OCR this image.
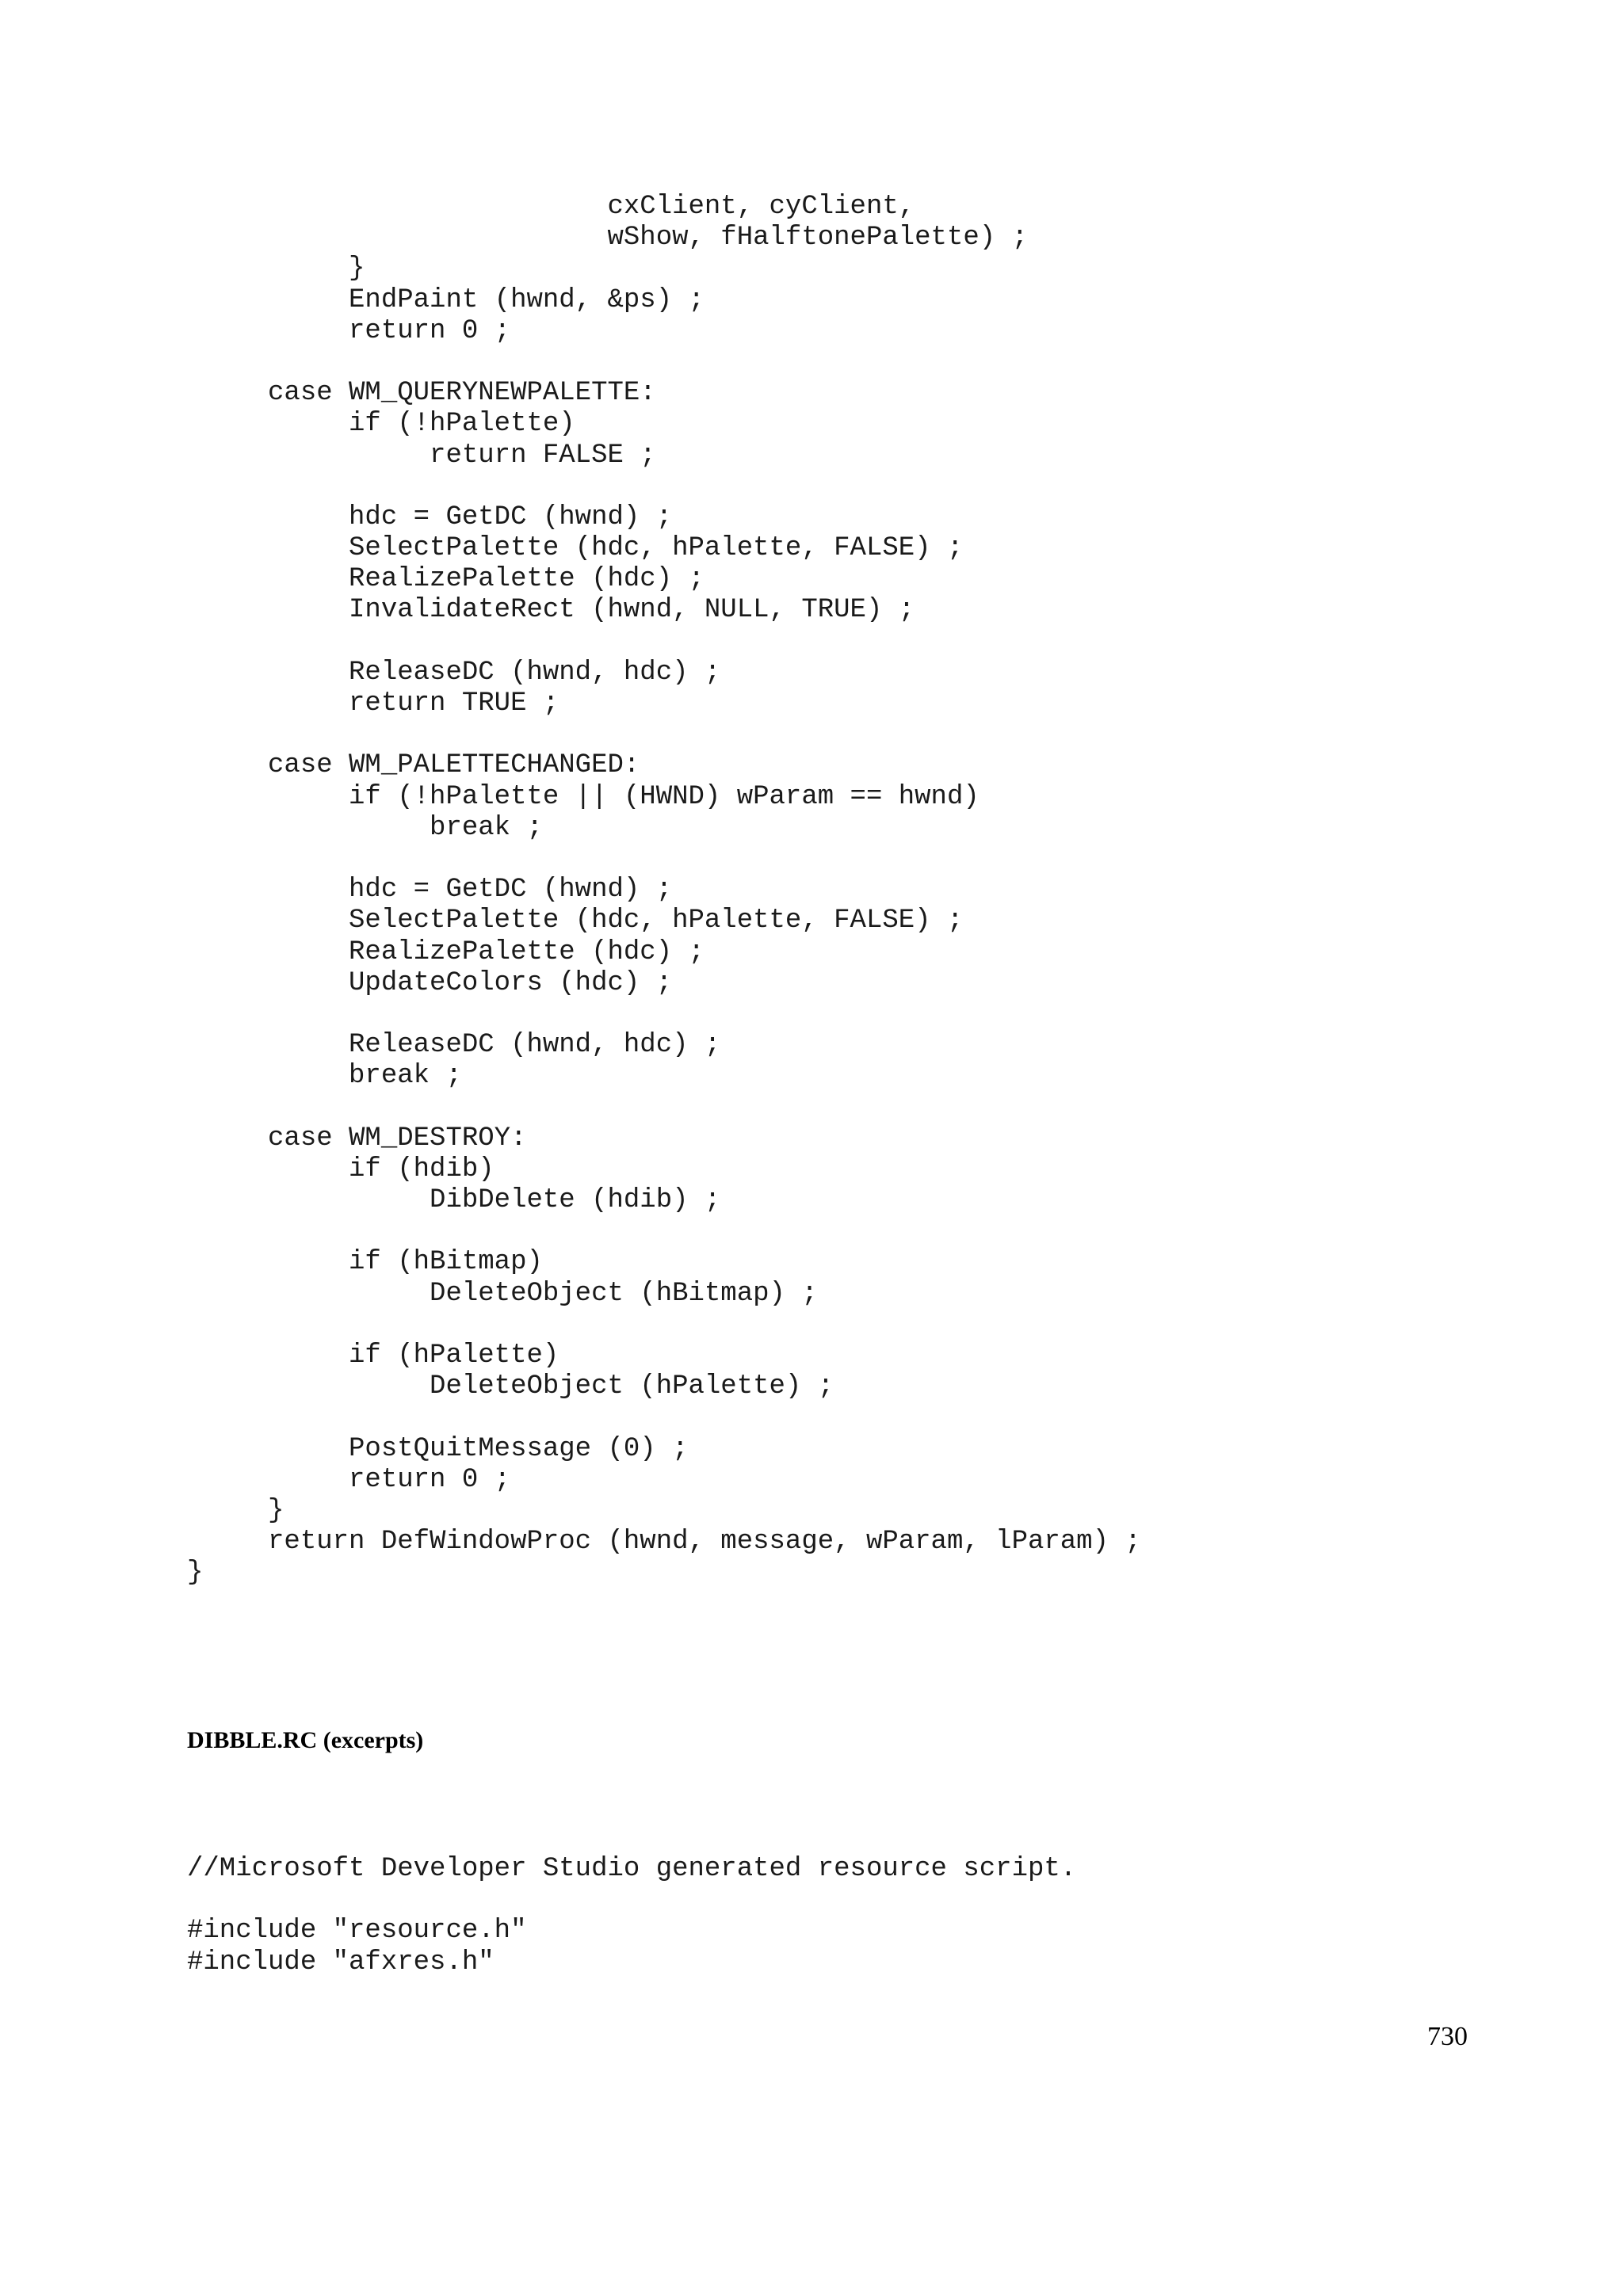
cxClient, cyClient,
wShow, fHalftonePalette) ;
}
EndPaint (hwnd, &ps) ;
return 0 ;
case WM_QUERYNEWPALETTE:
if (!hPalette)
return FALSE ;
hdc = GetDC (hwnd) ;
SelectPalette (hdc, hPalette, FALSE) ;
RealizePalette (hdc) ;
InvalidateRect (hwnd, NULL, TRUE) ;
ReleaseDC (hwnd, hdc) ;
return TRUE ;
case WM_PALETTECHANGED:
if (!hPalette || (HWND) wParam == hwnd)
break ;
hdc = GetDC (hwnd) ;
SelectPalette (hdc, hPalette, FALSE) ;
RealizePalette (hdc) ;
UpdateColors (hdc) ;
ReleaseDC (hwnd, hdc) ;
break ;
case WM_DESTROY:
if (hdib)
DibDelete (hdib) ;
if (hBitmap)
DeleteObject (hBitmap) ;
if (hPalette)
DeleteObject (hPalette) ;
PostQuitMessage (0) ;
return 0 ;
}
return DefWindowProc (hwnd, message, wParam, lParam) ;
}
DIBBLE.RC (excerpts)
//Microsoft Developer Studio generated resource script.
#include "resource.h"
#include "afxres.h"

730
